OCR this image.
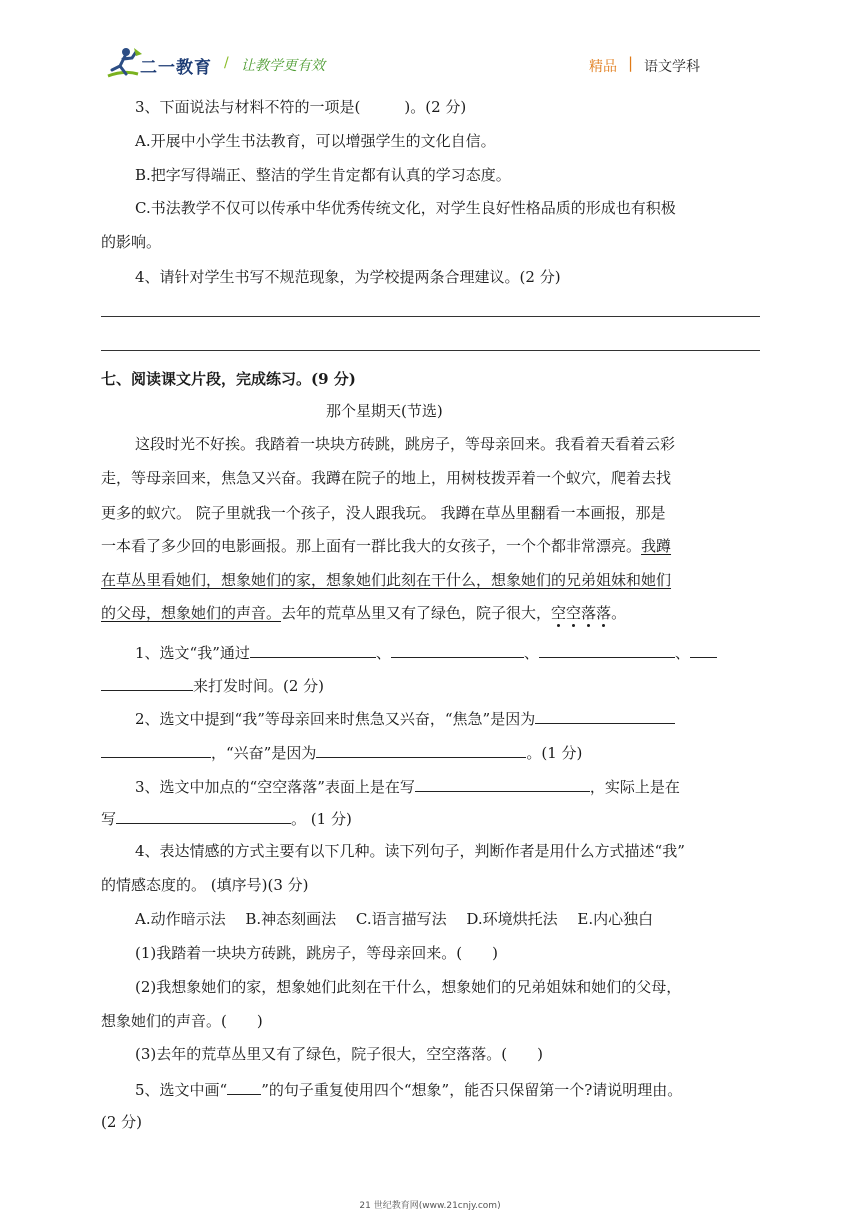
二一教育 / 让教学更有效	精品 | 语文学科
3、下面说法与材料不符的一项是(	)。(2 分)
A.开展中小学生书法教育，可以增强学生的文化自信。
B.把字写得端正、整洁的学生肯定都有认真的学习态度。
C.书法教学不仅可以传承中华优秀传统文化，对学生良好性格品质的形成也有积极
的影响。
4、请针对学生书写不规范现象，为学校提两条合理建议。(2 分)
七、阅读课文片段，完成练习。(9 分)
那个星期天(节选)
这段时光不好挨。我踏着一块块方砖跳，跳房子，等母亲回来。我看着天看着云彩
走，等母亲回来，焦急又兴奋。我蹲在院子的地上，用树枝拨弄着一个蚁穴，爬着去找
更多的蚁穴。 院子里就我一个孩子，没人跟我玩。 我蹲在草丛里翻看一本画报，那是
一本看了多少回的电影画报。那上面有一群比我大的女孩子，一个个都非常漂亮。我蹲
在草丛里看她们，想象她们的家，想象她们此刻在干什么，想象她们的兄弟姐妹和她们
的父母，想象她们的声音。去年的荒草丛里又有了绿色，院子很大，空空落落。
1、选文“我”通过	、	、	、
来打发时间。(2 分)
2、选文中提到“我”等母亲回来时焦急又兴奋，“焦急”是因为
，“兴奋”是因为	。(1 分)
3、选文中加点的“空空落落”表面上是在写	，实际上是在
写	。 (1 分)
4、表达情感的方式主要有以下几种。读下列句子，判断作者是用什么方式描述“我”
的情感态度的。 (填序号)(3 分)
A.动作暗示法　 B.神态刻画法　 C.语言描写法　 D.环境烘托法　 E.内心独白
(1)我踏着一块块方砖跳，跳房子，等母亲回来。(　　)
(2)我想象她们的家，想象她们此刻在干什么，想象她们的兄弟姐妹和她们的父母，
想象她们的声音。(　　)
(3)去年的荒草丛里又有了绿色，院子很大，空空落落。(　　)
5、选文中画“ ”的句子重复使用四个“想象”，能否只保留第一个?请说明理由。
(2 分)
21 世纪教育网(www.21cnjy.com)
